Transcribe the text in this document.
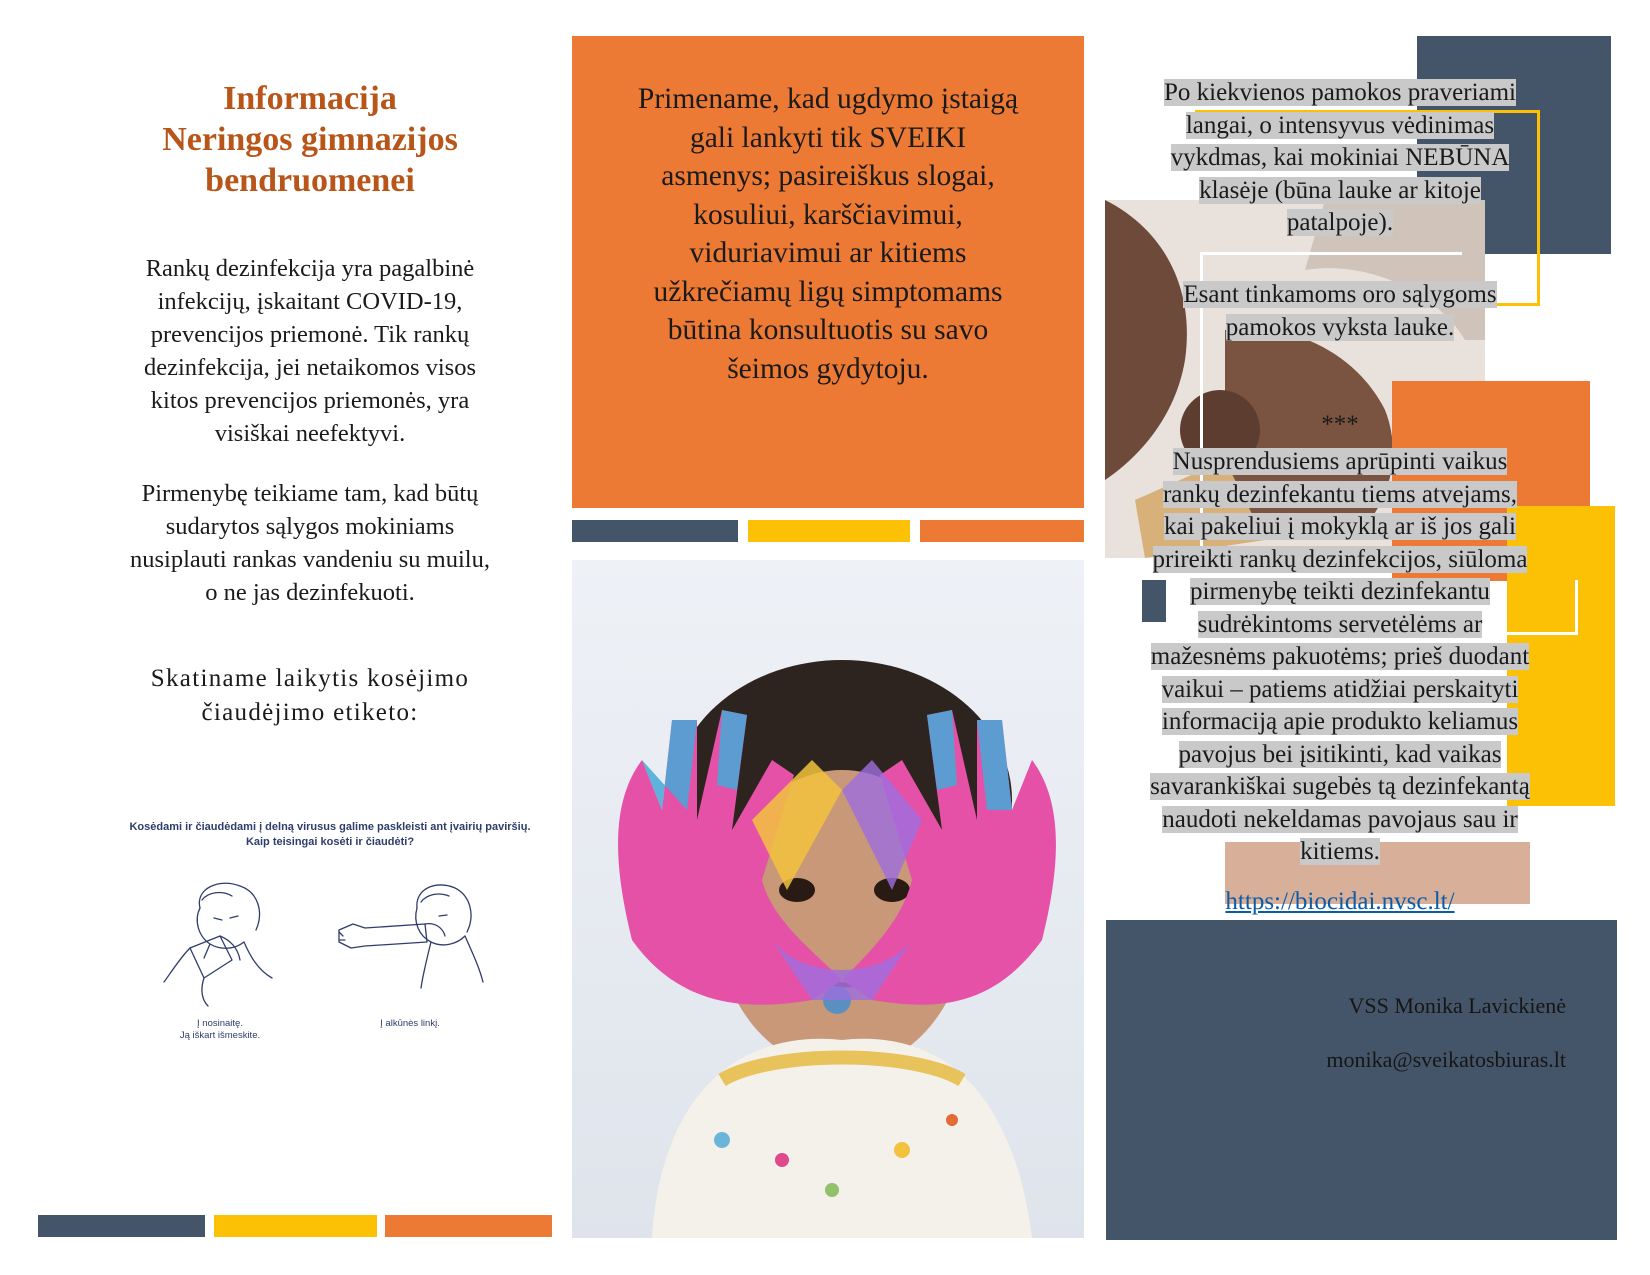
Informacija
Neringos gimnazijos
bendruomenei
Rankų dezinfekcija yra pagalbinė
infekcijų, įskaitant COVID-19,
prevencijos priemonė. Tik rankų
dezinfekcija, jei netaikomos visos
kitos prevencijos priemonės, yra
visiškai neefektyvi.
Pirmenybę teikiame tam, kad būtų
sudarytos sąlygos mokiniams
nusiplauti rankas vandeniu su muilu,
o ne jas dezinfekuoti.
Skatiname laikytis kosėjimo
čiaudėjimo etiketo:
Kosėdami ir čiaudėdami į delną virusus galime paskleisti ant įvairių paviršių.
Kaip teisingai kosėti ir čiaudėti?
Į nosinaitę.
Ją iškart išmeskite.
Į alkūnės linkį.
Primename, kad ugdymo įstaigą
gali lankyti tik SVEIKI
asmenys; pasireiškus slogai,
kosuliui, karščiavimui,
viduriavimui ar kitiems
užkrečiamų ligų simptomams
būtina konsultuotis su savo
šeimos gydytoju.
Po kiekvienos pamokos praveriami
langai, o intensyvus vėdinimas
vykdmas, kai mokiniai NEBŪNA
klasėje (būna lauke ar kitoje
patalpoje).
Esant tinkamoms oro sąlygoms
pamokos vyksta lauke.
***
Nusprendusiems aprūpinti vaikus
rankų dezinfekantu tiems atvejams,
kai pakeliui į mokyklą ar iš jos gali
prireikti rankų dezinfekcijos, siūloma
pirmenybę teikti dezinfekantu
sudrėkintoms servetėlėms ar
mažesnėms pakuotėms; prieš duodant
vaikui – patiems atidžiai perskaityti
informaciją apie produkto keliamus
pavojus bei įsitikinti, kad vaikas
savarankiškai sugebės tą dezinfekantą
naudoti nekeldamas pavojaus sau ir
kitiems.
https://biocidai.nvsc.lt/
VSS Monika Lavickienė
monika@sveikatosbiuras.lt
